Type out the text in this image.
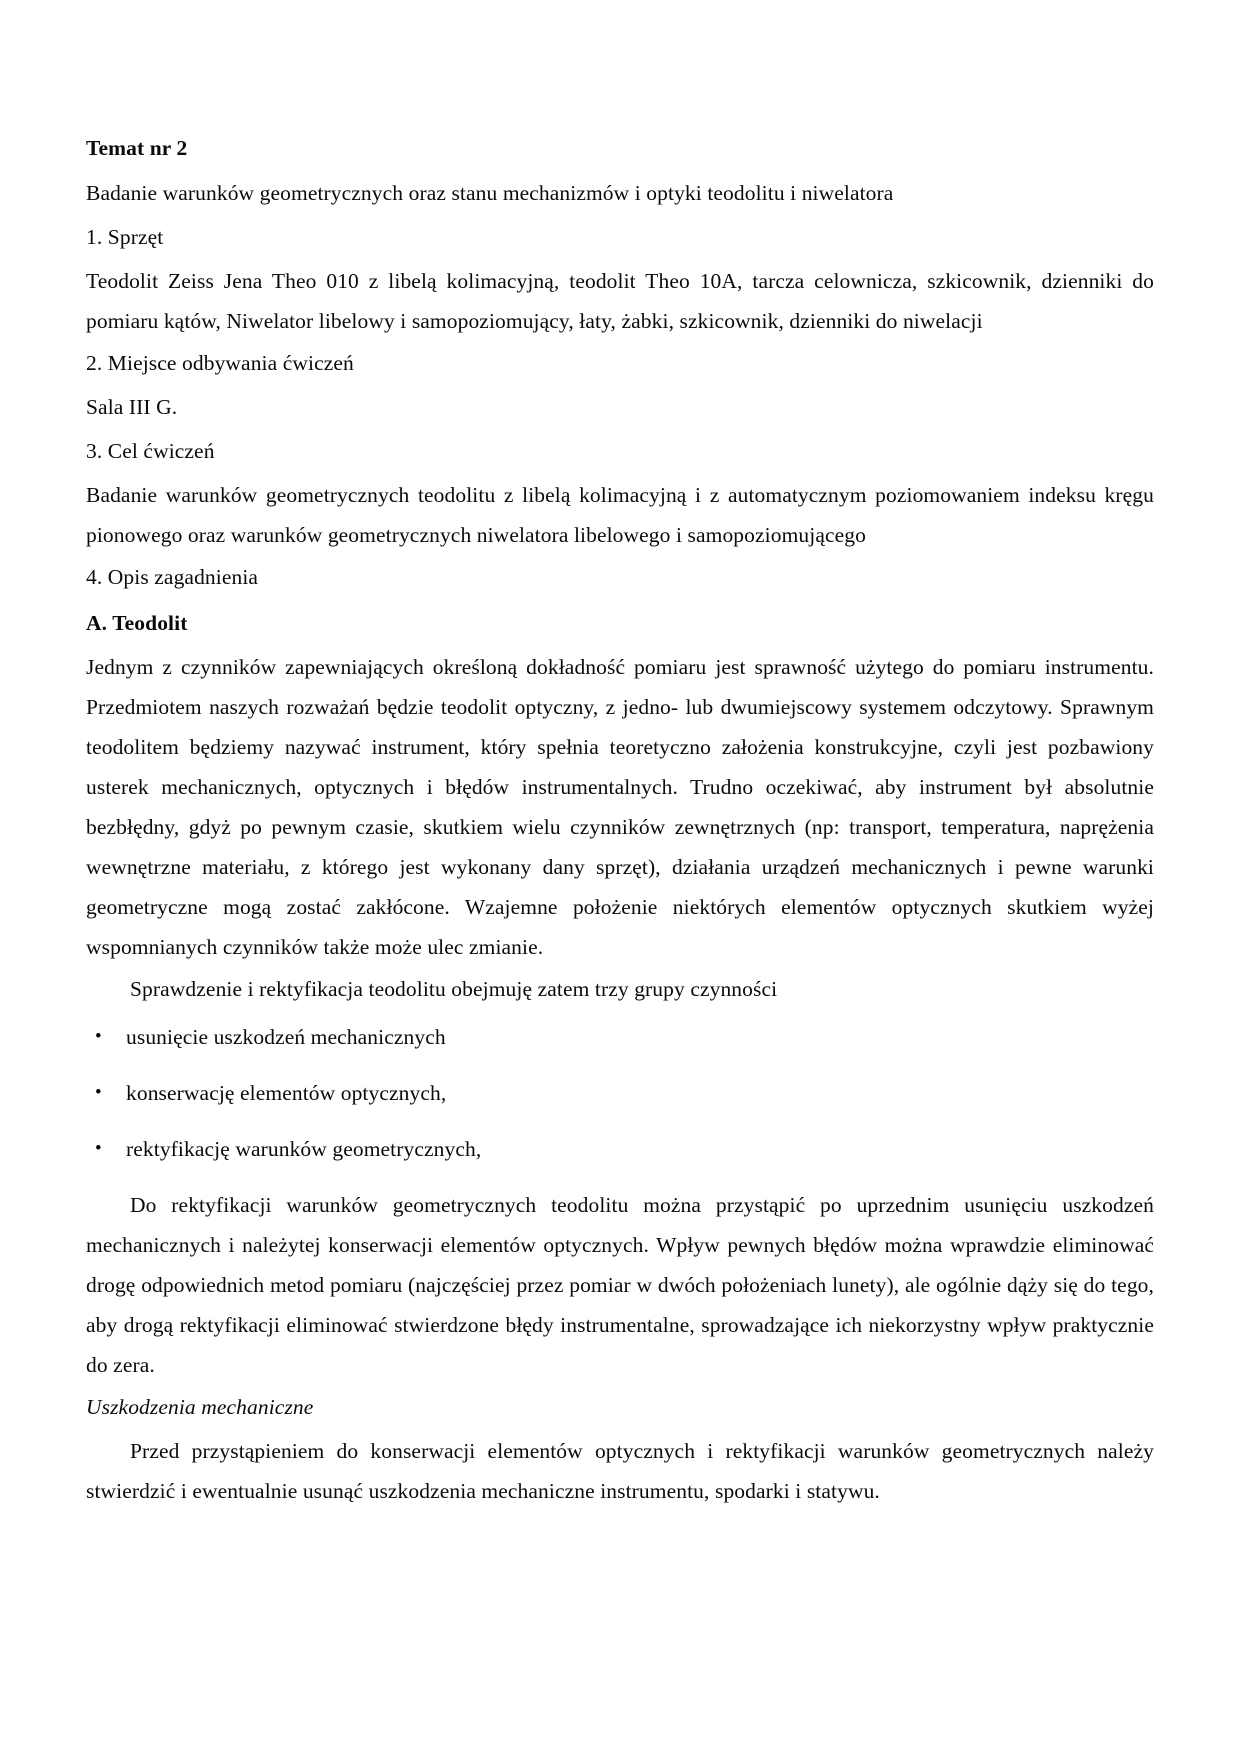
Temat nr 2
Badanie warunków geometrycznych oraz stanu mechanizmów i optyki teodolitu i niwelatora
1. Sprzęt
Teodolit Zeiss Jena Theo 010 z libelą kolimacyjną, teodolit Theo 10A, tarcza celownicza, szkicownik, dzienniki do pomiaru kątów, Niwelator libelowy i samopoziomujący, łaty, żabki, szkicownik, dzienniki do niwelacji
2. Miejsce odbywania ćwiczeń
Sala III G.
3. Cel ćwiczeń
Badanie warunków geometrycznych teodolitu z libelą kolimacyjną i z automatycznym poziomowaniem indeksu kręgu pionowego oraz warunków geometrycznych niwelatora libelowego i samopoziomującego
4. Opis zagadnienia
A. Teodolit
Jednym z czynników zapewniających określoną dokładność pomiaru jest sprawność użytego do pomiaru instrumentu. Przedmiotem naszych rozważań będzie teodolit optyczny, z jedno- lub dwumiejscowy systemem odczytowy. Sprawnym teodolitem będziemy nazywać instrument, który spełnia teoretyczno założenia konstrukcyjne, czyli jest pozbawiony usterek mechanicznych, optycznych i błędów instrumentalnych. Trudno oczekiwać, aby instrument był absolutnie bezbłędny, gdyż po pewnym czasie, skutkiem wielu czynników zewnętrznych (np: transport, temperatura, naprężenia wewnętrzne materiału, z którego jest wykonany dany sprzęt), działania urządzeń mechanicznych i pewne warunki geometryczne mogą zostać zakłócone. Wzajemne położenie niektórych elementów optycznych skutkiem wyżej wspomnianych czynników także może ulec zmianie.
Sprawdzenie i rektyfikacja teodolitu obejmuję zatem trzy grupy czynności
• usunięcie uszkodzeń mechanicznych
• konserwację elementów optycznych,
• rektyfikację warunków geometrycznych,
Do rektyfikacji warunków geometrycznych teodolitu można przystąpić po uprzednim usunięciu uszkodzeń mechanicznych i należytej konserwacji elementów optycznych. Wpływ pewnych błędów można wprawdzie eliminować drogę odpowiednich metod pomiaru (najczęściej przez pomiar w dwóch położeniach lunety), ale ogólnie dąży się do tego, aby drogą rektyfikacji eliminować stwierdzone błędy instrumentalne, sprowadzające ich niekorzystny wpływ praktycznie do zera.
Uszkodzenia mechaniczne
Przed przystąpieniem do konserwacji elementów optycznych i rektyfikacji warunków geometrycznych należy stwierdzić i ewentualnie usunąć uszkodzenia mechaniczne instrumentu, spodarki i statywu.
